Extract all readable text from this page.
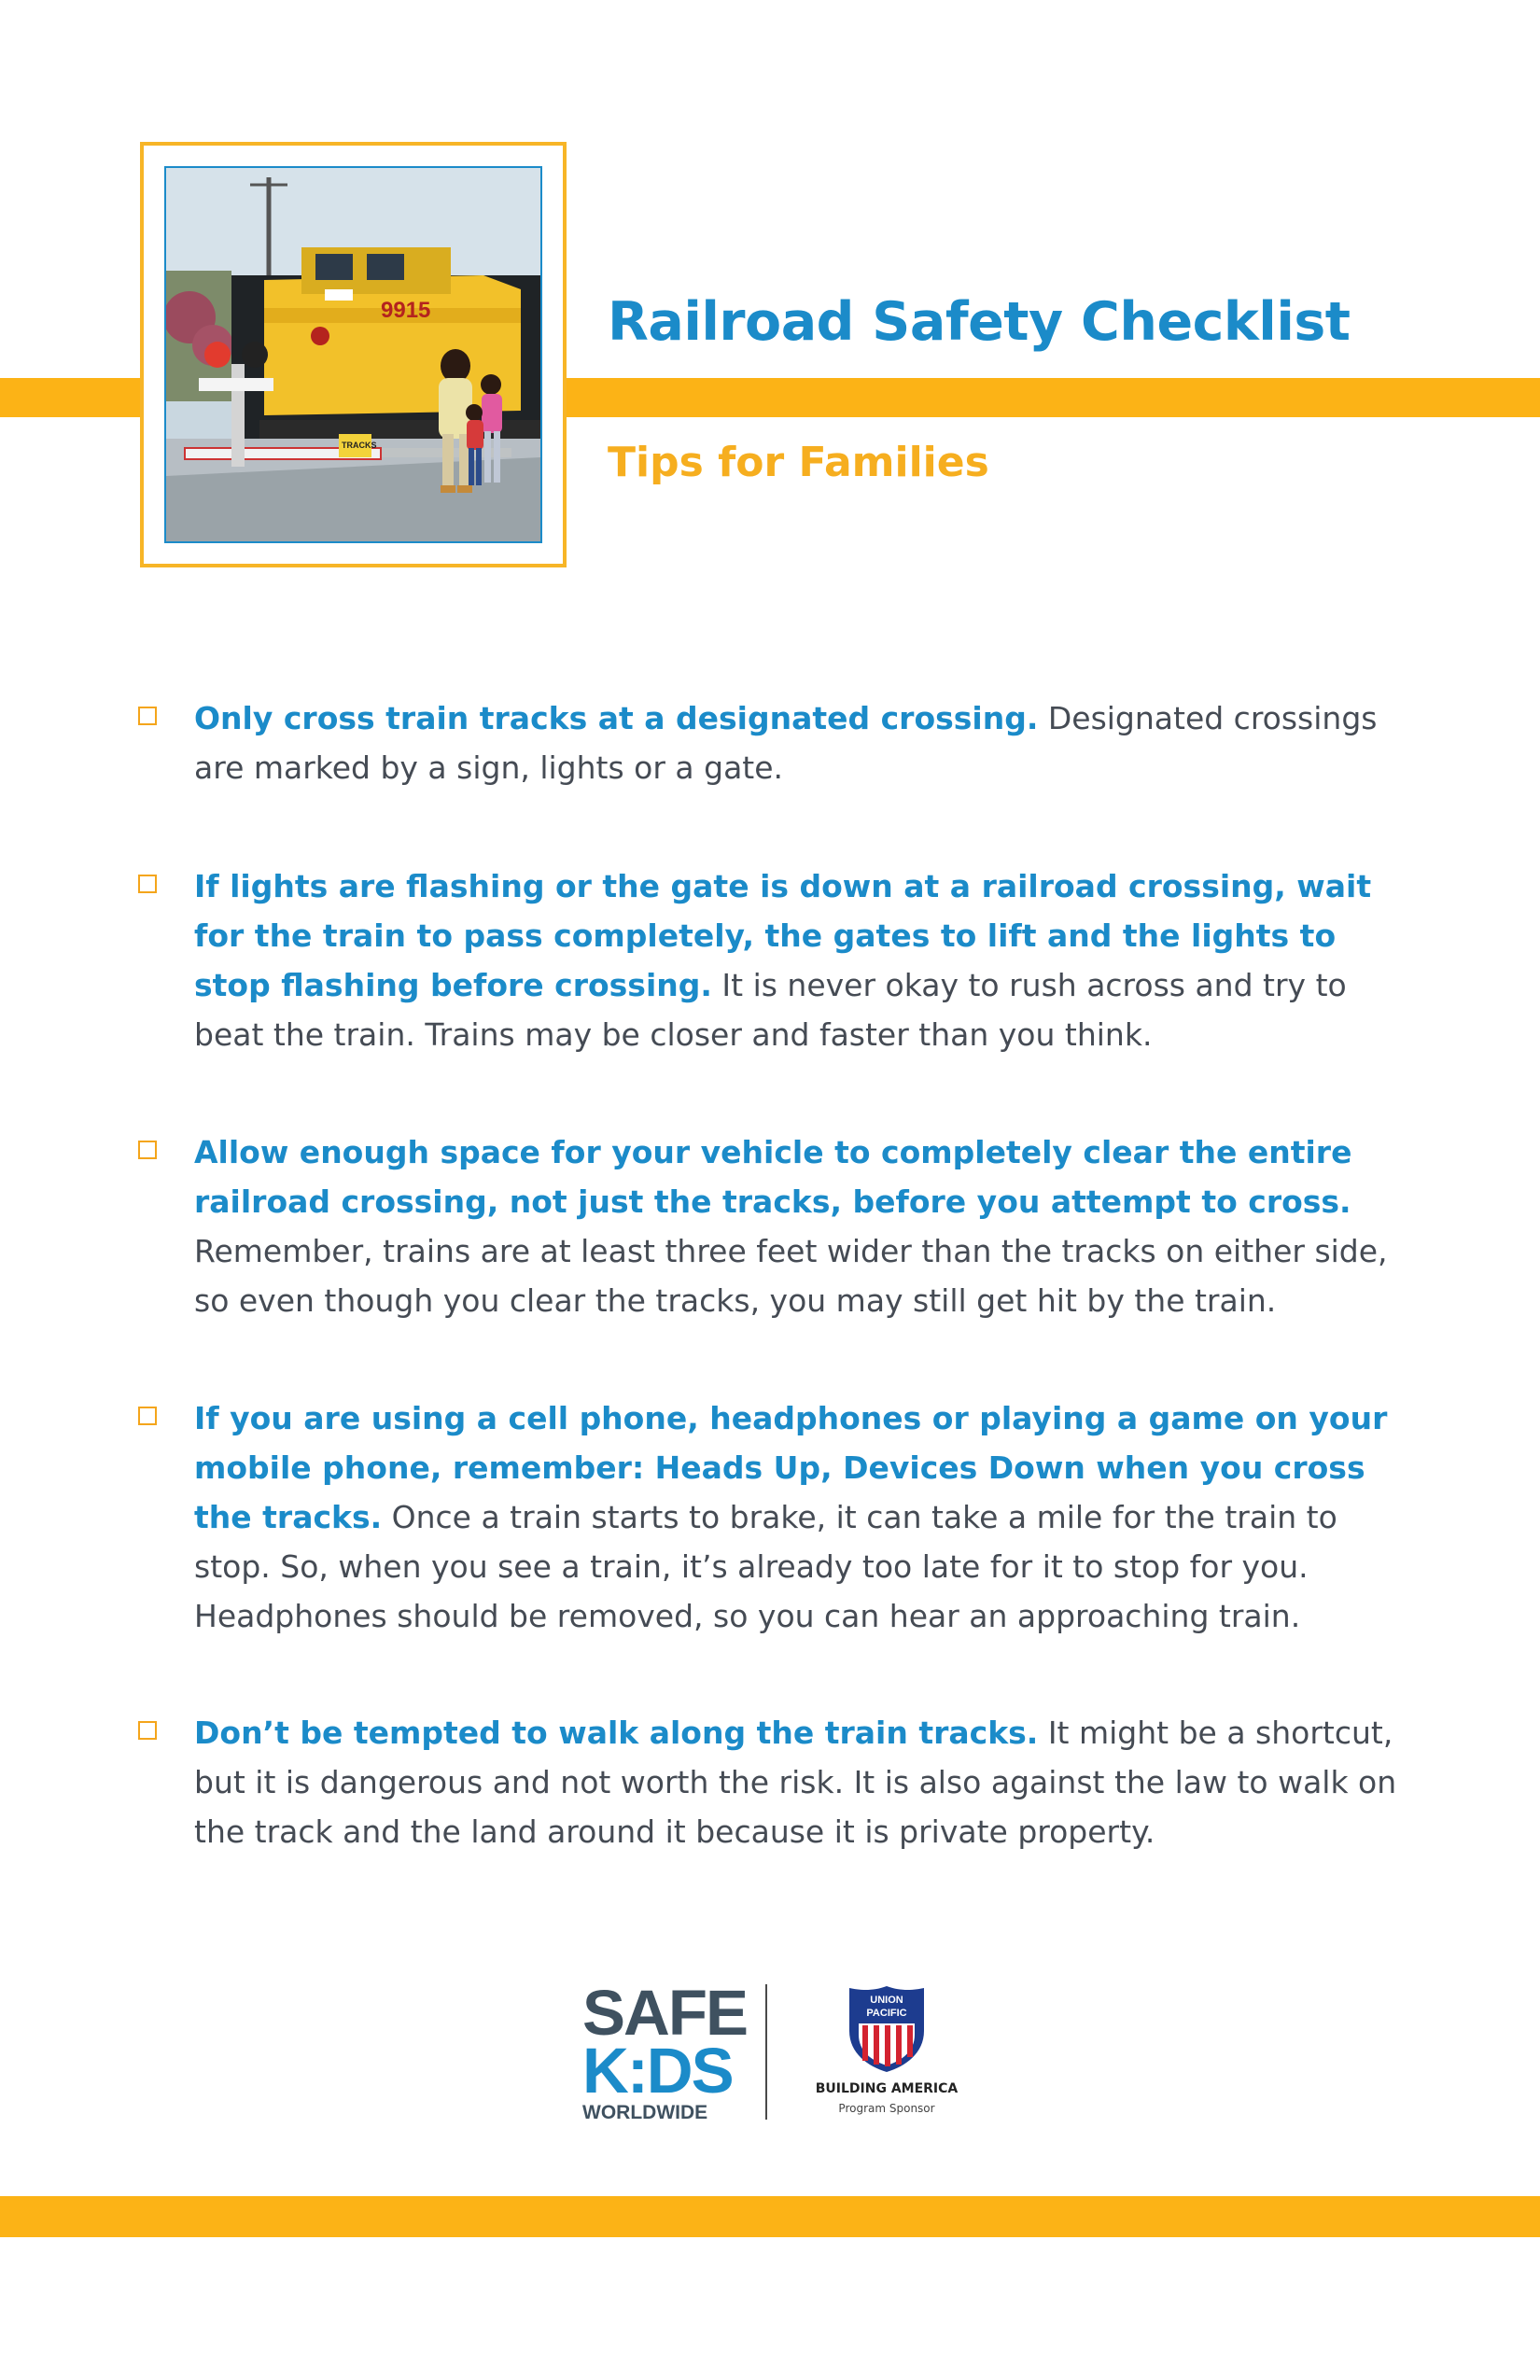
9915
TRACKS
Railroad Safety Checklist
Tips for Families

Only cross train tracks at a designated crossing. Designated crossings are marked by a sign, lights or a gate.

If lights are flashing or the gate is down at a railroad crossing, wait for the train to pass completely, the gates to lift and the lights to stop flashing before crossing. It is never okay to rush across and try to beat the train. Trains may be closer and faster than you think.

Allow enough space for your vehicle to completely clear the entire railroad crossing, not just the tracks, before you attempt to cross. Remember, trains are at least three feet wider than the tracks on either side, so even though you clear the tracks, you may still get hit by the train.

If you are using a cell phone, headphones or playing a game on your mobile phone, remember: Heads Up, Devices Down when you cross the tracks. Once a train starts to brake, it can take a mile for the train to stop. So, when you see a train, it’s already too late for it to stop for you. Headphones should be removed, so you can hear an approaching train.

Don’t be tempted to walk along the train tracks. It might be a shortcut, but it is dangerous and not worth the risk. It is also against the law to walk on the track and the land around it because it is private property.

SAFE
K:DS
WORLDWIDE
UNION
PACIFIC
BUILDING AMERICA
Program Sponsor
